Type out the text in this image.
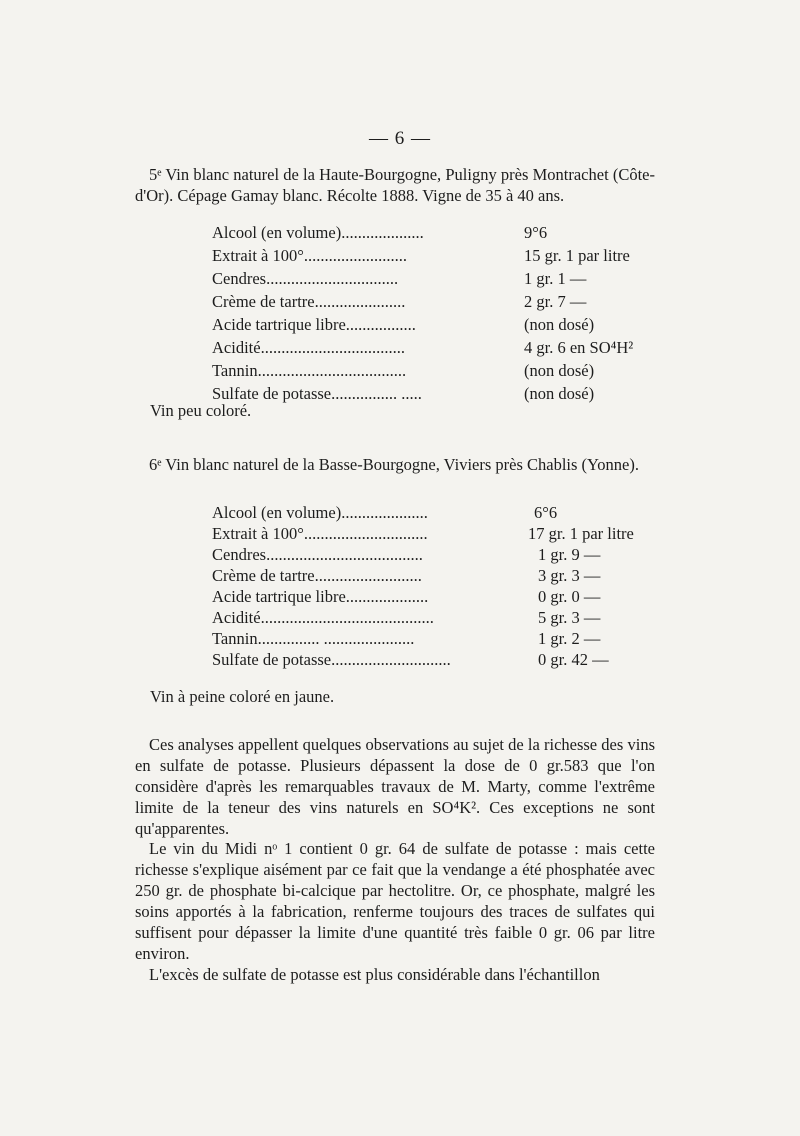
— 6 —
5ᵉ Vin blanc naturel de la Haute-Bourgogne, Puligny près Montrachet (Côte-d'Or). Cépage Gamay blanc. Récolte 1888. Vigne de 35 à 40 ans.
Alcool (en volume)....................	9°6
Extrait à 100°.........................	15 gr. 1 par litre
Cendres................................	1 gr. 1 —
Crème de tartre......................	2 gr. 7 —
Acide tartrique libre.................	(non dosé)
Acidité...................................	4 gr. 6 en SO⁴H²
Tannin....................................	(non dosé)
Sulfate de potasse................ .....	(non dosé)
Vin peu coloré.
6ᵉ Vin blanc naturel de la Basse-Bourgogne, Viviers près Chablis (Yonne).
Alcool (en volume).....................	6°6
Extrait à 100°..............................	17 gr. 1 par litre
Cendres......................................	1 gr. 9 —
Crème de tartre..........................	3 gr. 3 —
Acide tartrique libre....................	0 gr. 0 —
Acidité..........................................	5 gr. 3 —
Tannin............... ......................	1 gr. 2 —
Sulfate de potasse.............................	0 gr. 42 —
Vin à peine coloré en jaune.
Ces analyses appellent quelques observations au sujet de la richesse des vins en sulfate de potasse. Plusieurs dépassent la dose de 0 gr.583 que l'on considère d'après les remarquables travaux de M. Marty, comme l'extrême limite de la teneur des vins naturels en SO⁴K². Ces exceptions ne sont qu'apparentes.
Le vin du Midi nᵒ 1 contient 0 gr. 64 de sulfate de potasse : mais cette richesse s'explique aisément par ce fait que la vendange a été phosphatée avec 250 gr. de phosphate bi-calcique par hectolitre. Or, ce phosphate, malgré les soins apportés à la fabrication, renferme toujours des traces de sulfates qui suffisent pour dépasser la limite d'une quantité très faible 0 gr. 06 par litre environ.
L'excès de sulfate de potasse est plus considérable dans l'échantillon
